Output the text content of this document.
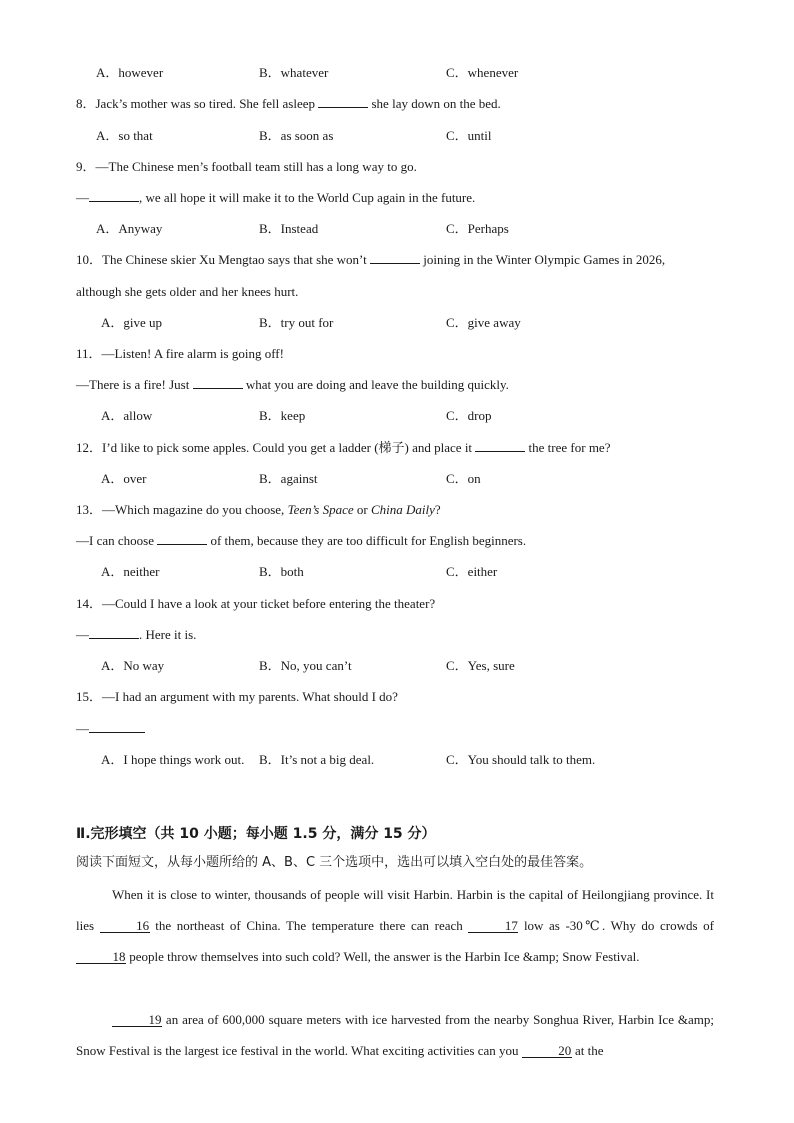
A．however	B．whatever	C．whenever
8．Jack’s mother was so tired. She fell asleep	she lay down on the bed.
A．so that	B．as soon as	C．until
9．—The Chinese men’s football team still has a long way to go.
—	, we all hope it will make it to the World Cup again in the future.
A．Anyway	B．Instead	C．Perhaps
10．The Chinese skier Xu Mengtao says that she won’t	joining in the Winter Olympic Games in 2026,
although she gets older and her knees hurt.
A．give up	B．try out for	C．give away
11．—Listen! A fire alarm is going off!
—There is a fire! Just	what you are doing and leave the building quickly.
A．allow	B．keep	C．drop
12．I’d like to pick some apples. Could you get a ladder (梯子) and place it	the tree for me?
A．over	B．against	C．on
13．—Which magazine do you choose, Teen’s Space or China Daily?
—I can choose	of them, because they are too difficult for English beginners.
A．neither	B．both	C．either
14．—Could I have a look at your ticket before entering the theater?
—	. Here it is.
A．No way	B．No, you can’t	C．Yes, sure
15．—I had an argument with my parents. What should I do?
—
A．I hope things work out. B．It’s not a big deal.	C．You should talk to them.
Ⅱ.完形填空（共 10 小题；每小题 1.5 分，满分 15 分）
阅读下面短文，从每小题所给的 A、B、C 三个选项中，选出可以填入空白处的最佳答案。
When it is close to winter, thousands of people will visit Harbin. Harbin is the capital of Heilongjiang province. It lies	16 the northeast of China. The temperature there can reach	17 low as -30℃. Why do crowds of 18 people throw themselves into such cold? Well, the answer is the Harbin Ice &amp; Snow Festival.
19 an area of 600,000 square meters with ice harvested from the nearby Songhua River, Harbin Ice &amp; Snow Festival is the largest ice festival in the world. What exciting activities can you	20 at the
